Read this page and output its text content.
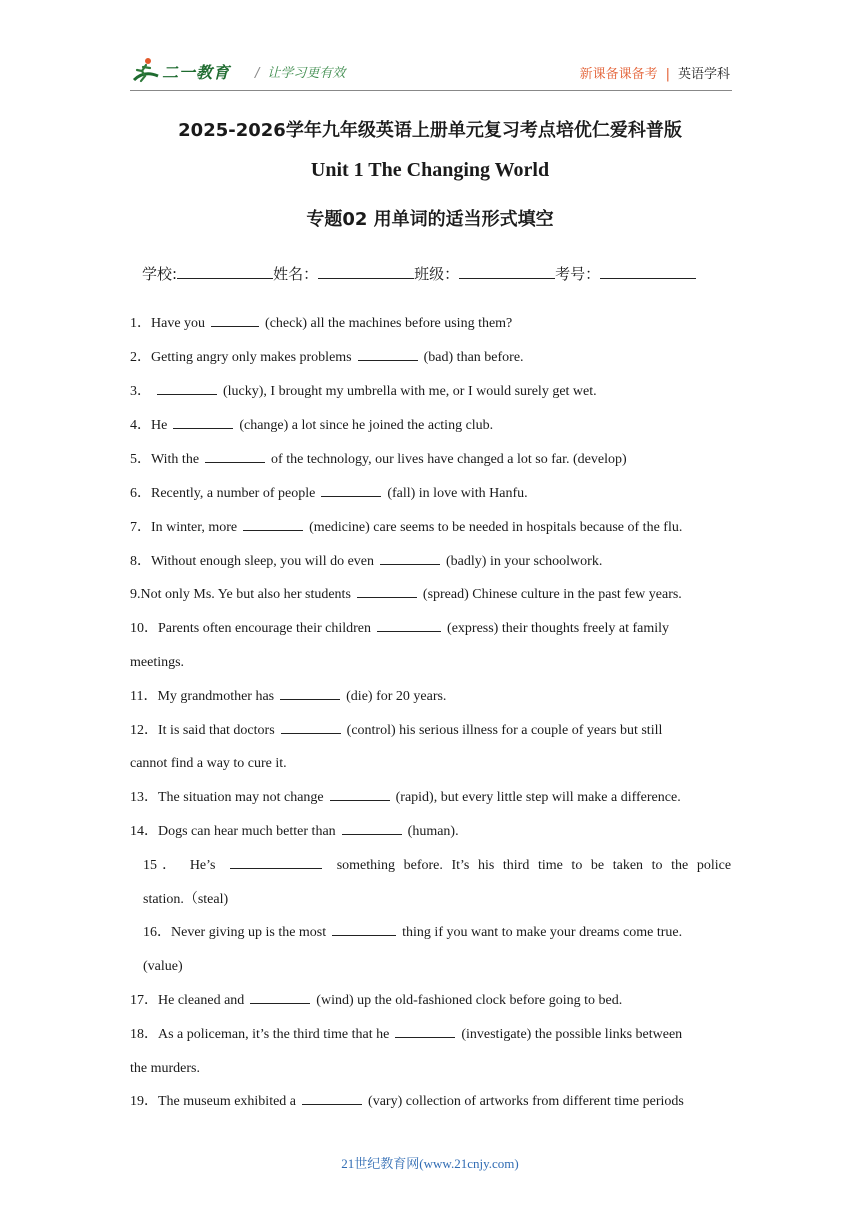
二一教育 / 让学习更有效	新课备课备考 | 英语学科
2025-2026学年九年级英语上册单元复习考点培优仁爱科普版
Unit 1 The Changing World
专题02 用单词的适当形式填空
学校:	姓名：	班级：	考号：
1．Have you	(check) all the machines before using them?
2．Getting angry only makes problems	(bad) than before.
3．	(lucky), I brought my umbrella with me, or I would surely get wet.
4．He	(change) a lot since he joined the acting club.
5．With the	of the technology, our lives have changed a lot so far. (develop)
6．Recently, a number of people	(fall) in love with Hanfu.
7．In winter, more	(medicine) care seems to be needed in hospitals because of the flu.
8．Without enough sleep, you will do even	(badly) in your schoolwork.
9.Not only Ms. Ye but also her students	(spread) Chinese culture in the past few years.
10．Parents often encourage their children	(express) their thoughts freely at family
meetings.
11．My grandmother has	(die) for 20 years.
12．It is said that doctors	(control) his serious illness for a couple of years but still
cannot find a way to cure it.
13．The situation may not change	(rapid), but every little step will make a difference.
14．Dogs can hear much better than	(human).
15． He’s	something before. It’s his third time to be taken to the police
station.（steal)
16．Never giving up is the most	thing if you want to make your dreams come true.
(value)
17．He cleaned and	(wind) up the old-fashioned clock before going to bed.
18．As a policeman, it’s the third time that he	(investigate) the possible links between
the murders.
19．The museum exhibited a	(vary) collection of artworks from different time periods
21世纪教育网(www.21cnjy.com)
